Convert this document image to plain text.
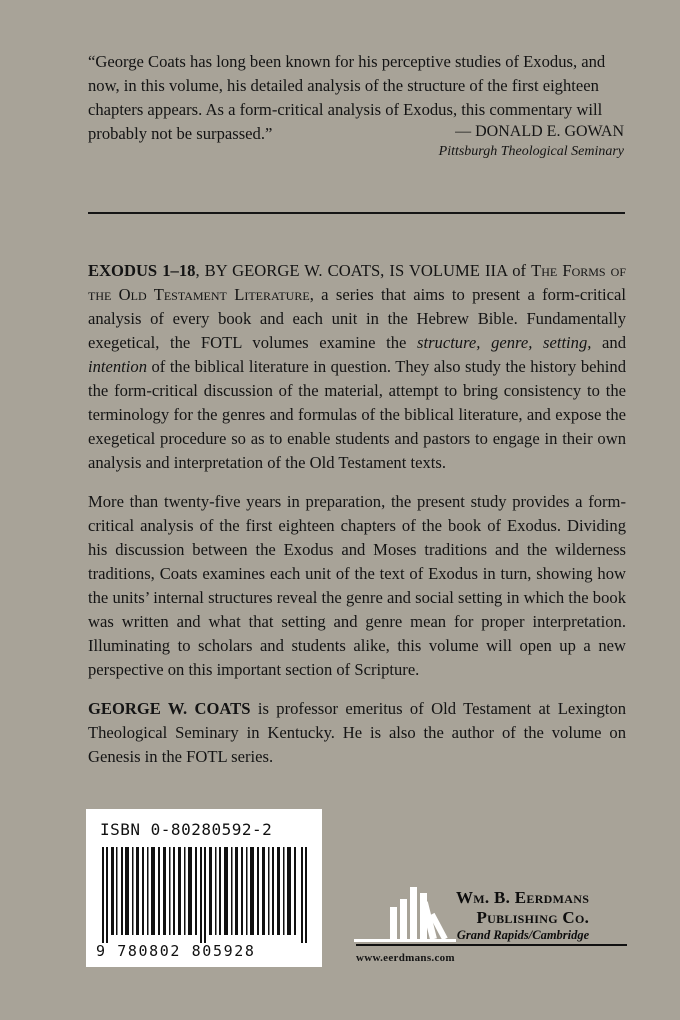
“George Coats has long been known for his perceptive studies of Exodus, and now, in this volume, his detailed analysis of the structure of the first eighteen chapters appears. As a form-critical analysis of Exodus, this commentary will probably not be surpassed.”	— DONALD E. GOWAN
Pittsburgh Theological Seminary
EXODUS 1–18, BY GEORGE W. COATS, IS VOLUME IIA of The Forms of the Old Testament Literature, a series that aims to present a form-critical analysis of every book and each unit in the Hebrew Bible. Fundamentally exegetical, the FOTL volumes examine the structure, genre, setting, and intention of the biblical literature in question. They also study the history behind the form-critical discussion of the material, attempt to bring consistency to the terminology for the genres and formulas of the biblical literature, and expose the exegetical procedure so as to enable students and pastors to engage in their own analysis and interpretation of the Old Testament texts.
More than twenty-five years in preparation, the present study provides a form-critical analysis of the first eighteen chapters of the book of Exodus. Dividing his discussion between the Exodus and Moses traditions and the wilderness traditions, Coats examines each unit of the text of Exodus in turn, showing how the units’ internal structures reveal the genre and social setting in which the book was written and what that setting and genre mean for proper interpretation. Illuminating to scholars and students alike, this volume will open up a new perspective on this important section of Scripture.
GEORGE W. COATS is professor emeritus of Old Testament at Lexington Theological Seminary in Kentucky. He is also the author of the volume on Genesis in the FOTL series.
ISBN 0-80280592-2
9 780802 805928
Wm. B. Eerdmans
Publishing Co.
Grand Rapids/Cambridge
www.eerdmans.com
